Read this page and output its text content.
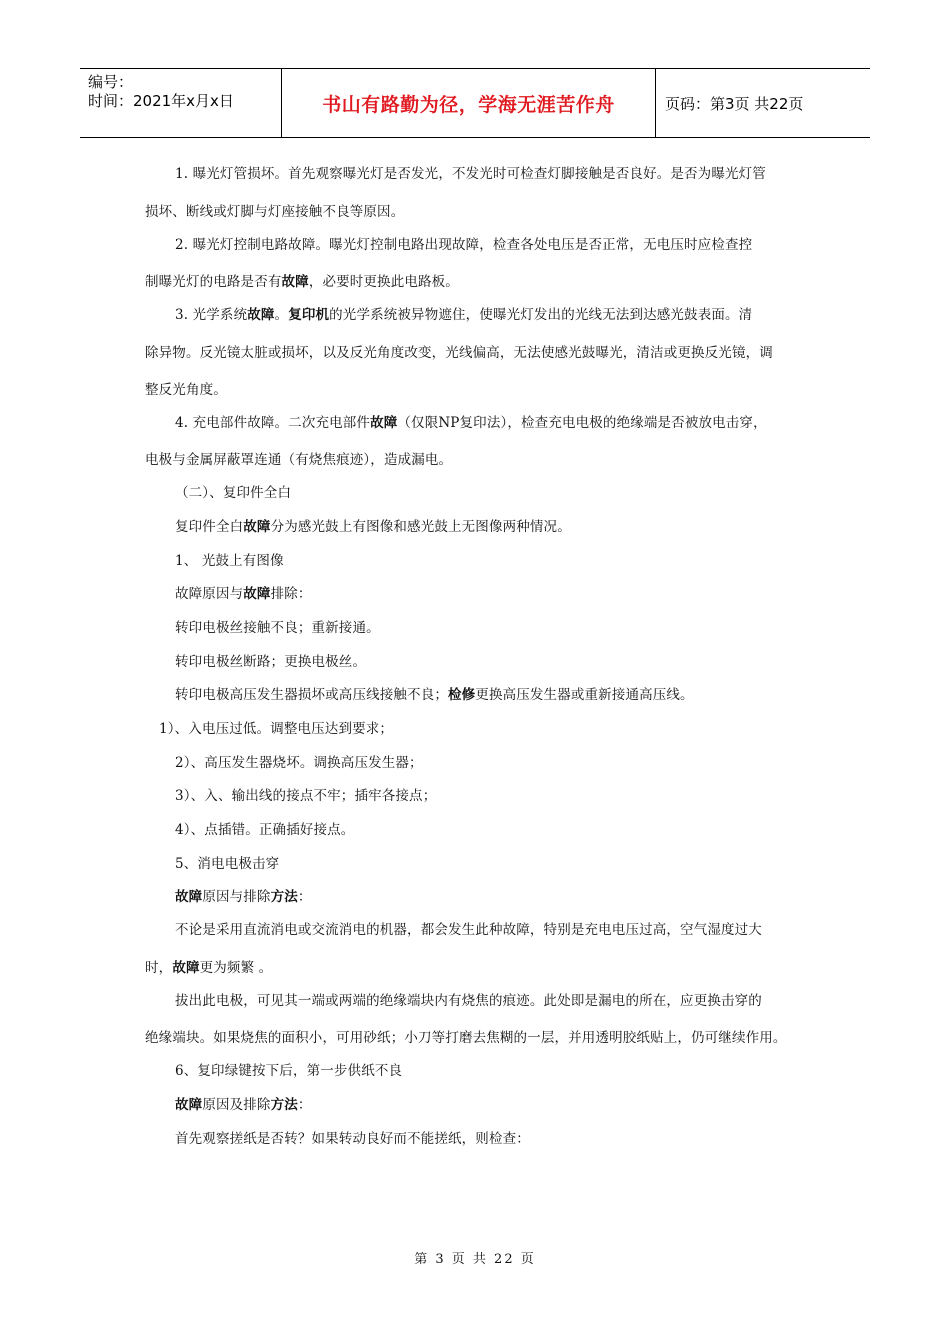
编号：
时间：2021年x月x日	书山有路勤为径，学海无涯苦作舟	页码：第3页 共22页
1. 曝光灯管损坏。首先观察曝光灯是否发光，不发光时可检查灯脚接触是否良好。是否为曝光灯管
损坏、断线或灯脚与灯座接触不良等原因。
2. 曝光灯控制电路故障。曝光灯控制电路出现故障，检查各处电压是否正常，无电压时应检查控
制曝光灯的电路是否有故障，必要时更换此电路板。
3. 光学系统故障。复印机的光学系统被异物遮住，使曝光灯发出的光线无法到达感光鼓表面。清
除异物。反光镜太脏或损坏，以及反光角度改变，光线偏高，无法使感光鼓曝光，清洁或更换反光镜，调
整反光角度。
4. 充电部件故障。二次充电部件故障（仅限NP复印法），检查充电电极的绝缘端是否被放电击穿，
电极与金属屏蔽罩连通（有烧焦痕迹），造成漏电。
（二）、复印件全白
复印件全白故障分为感光鼓上有图像和感光鼓上无图像两种情况。
1、 光鼓上有图像
故障原因与故障排除：
转印电极丝接触不良；重新接通。
转印电极丝断路；更换电极丝。
转印电极高压发生器损坏或高压线接触不良；检修更换高压发生器或重新接通高压线。
1）、入电压过低。调整电压达到要求；
2）、高压发生器烧坏。调换高压发生器；
3）、入、输出线的接点不牢；插牢各接点；
4）、点插错。正确插好接点。
5、消电电极击穿
故障原因与排除方法：
不论是采用直流消电或交流消电的机器，都会发生此种故障，特别是充电电压过高，空气湿度过大
时，故障更为频繁 。
拔出此电极，可见其一端或两端的绝缘端块内有烧焦的痕迹。此处即是漏电的所在，应更换击穿的
绝缘端块。如果烧焦的面积小，可用砂纸；小刀等打磨去焦糊的一层，并用透明胶纸贴上，仍可继续作用。
6、复印绿键按下后，第一步供纸不良
故障原因及排除方法：
首先观察搓纸是否转？如果转动良好而不能搓纸，则检查：
第 3 页 共 22 页
